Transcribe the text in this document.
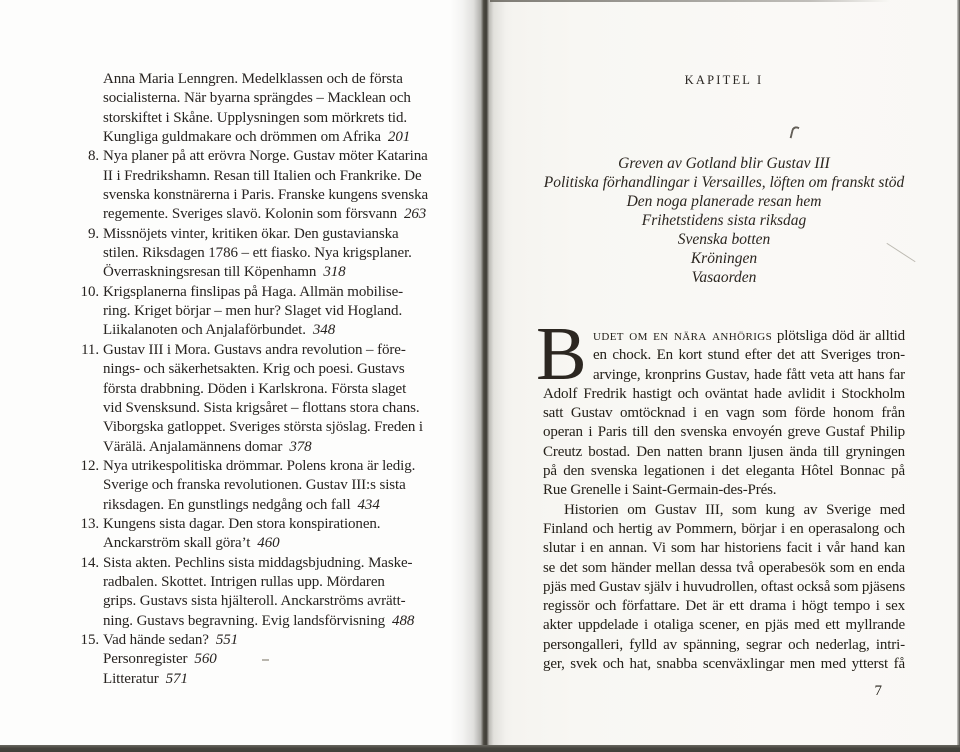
Anna Maria Lenngren. Medelklassen och de första
socialisterna. När byarna sprängdes – Macklean och
storskiftet i Skåne. Upplysningen som mörkrets tid.
Kungliga guldmakare och drömmen om Afrika 201
8. Nya planer på att erövra Norge. Gustav möter Katarina
II i Fredrikshamn. Resan till Italien och Frankrike. De
svenska konstnärerna i Paris. Franske kungens svenska
regemente. Sveriges slavö. Kolonin som försvann 263
9. Missnöjets vinter, kritiken ökar. Den gustavianska
stilen. Riksdagen 1786 – ett fiasko. Nya krigsplaner.
Överraskningsresan till Köpenhamn 318
10. Krigsplanerna finslipas på Haga. Allmän mobilise-
ring. Kriget börjar – men hur? Slaget vid Hogland.
Liikalanoten och Anjalaförbundet. 348
11. Gustav III i Mora. Gustavs andra revolution – före-
nings- och säkerhetsakten. Krig och poesi. Gustavs
första drabbning. Döden i Karlskrona. Första slaget
vid Svensksund. Sista krigsåret – flottans stora chans.
Viborgska gatloppet. Sveriges största sjöslag. Freden i
Värälä. Anjalamännens domar 378
12. Nya utrikespolitiska drömmar. Polens krona är ledig.
Sverige och franska revolutionen. Gustav III:s sista
riksdagen. En gunstlings nedgång och fall 434
13. Kungens sista dagar. Den stora konspirationen.
Anckarström skall göra’t 460
14. Sista akten. Pechlins sista middagsbjudning. Maske-
radbalen. Skottet. Intrigen rullas upp. Mördaren
grips. Gustavs sista hjälteroll. Anckarströms avrätt-
ning. Gustavs begravning. Evig landsförvisning 488
15. Vad hände sedan? 551
Personregister 560
Litteratur 571
KAPITEL I
Greven av Gotland blir Gustav III
Politiska förhandlingar i Versailles, löften om franskt stöd
Den noga planerade resan hem
Frihetstidens sista riksdag
Svenska botten
Kröningen
Vasaorden
B udet om en nära anhörigs plötsliga död är alltid
en chock. En kort stund efter det att Sveriges tron-
arvinge, kronprins Gustav, hade fått veta att hans far
Adolf Fredrik hastigt och oväntat hade avlidit i Stockholm
satt Gustav omtöcknad i en vagn som förde honom från
operan i Paris till den svenska envoyén greve Gustaf Philip
Creutz bostad. Den natten brann ljusen ända till gryningen
på den svenska legationen i det eleganta Hôtel Bonnac på
Rue Grenelle i Saint-Germain-des-Prés.
Historien om Gustav III, som kung av Sverige med
Finland och hertig av Pommern, börjar i en operasalong och
slutar i en annan. Vi som har historiens facit i vår hand kan
se det som händer mellan dessa två operabesök som en enda
pjäs med Gustav själv i huvudrollen, oftast också som pjäsens
regissör och författare. Det är ett drama i högt tempo i sex
akter uppdelade i otaliga scener, en pjäs med ett myllrande
persongalleri, fylld av spänning, segrar och nederlag, intri-
ger, svek och hat, snabba scenväxlingar men med ytterst få
7
